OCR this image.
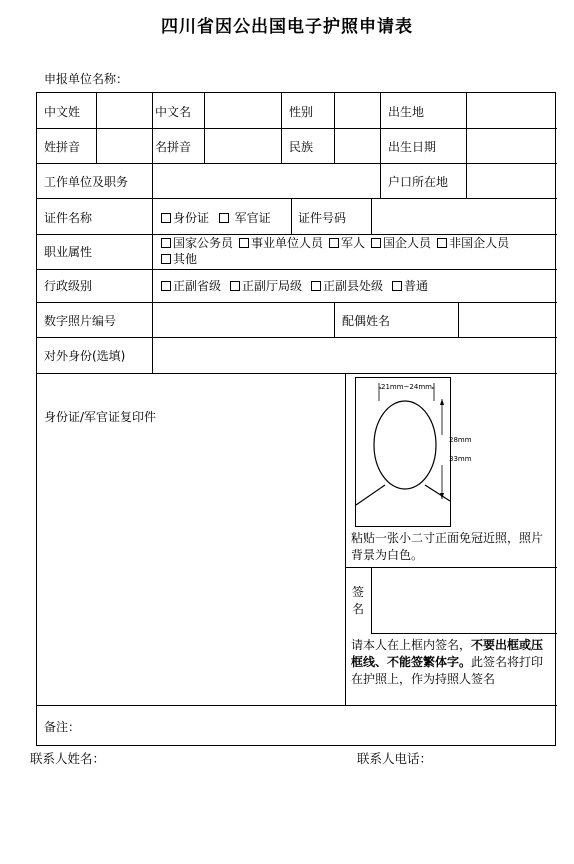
四川省因公出国电子护照申请表
申报单位名称：
中文姓	中文名	性别	出生地
姓拼音	名拼音	民族	出生日期
工作单位及职务	户口所在地
证件名称	身份证 军官证 证件号码
职业属性
国家公务员 事业单位人员 军人 国企人员 非国企人员
其他
行政级别	正副省级 正副厅局级 正副县处级 普通
数字照片编号	配偶姓名
对外身份(选填)
身份证/军官证复印件
21mm~24mm
28mm
33mm
粘贴一张小二寸正面免冠近照，照片背景为白色。
签
名
请本人在上框内签名，不要出框或压框线、不能签繁体字。此签名将打印在护照上，作为持照人签名
备注：
联系人姓名：	联系人电话：
